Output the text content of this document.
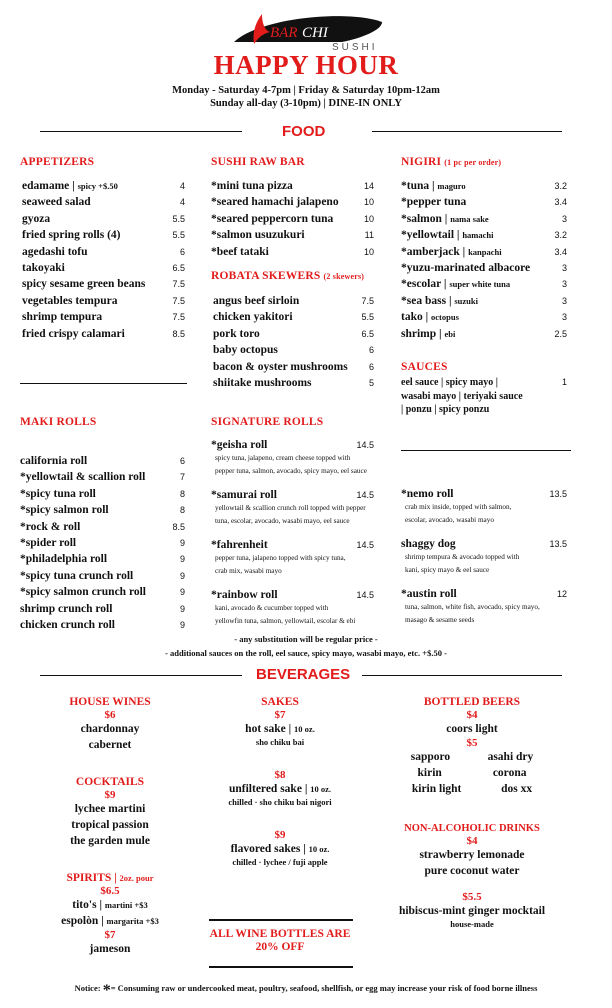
BAR CHI
SUSHI
HAPPY HOUR
Monday - Saturday 4-7pm | Friday & Saturday 10pm-12am
Sunday all-day (3-10pm) | DINE-IN ONLY
FOOD
APPETIZERS
edamame | spicy +$.50	4
seaweed salad	4
gyoza	5.5
fried spring rolls (4)	5.5
agedashi tofu	6
takoyaki	6.5
spicy sesame green beans	7.5
vegetables tempura	7.5
shrimp tempura	7.5
fried crispy calamari	8.5
SUSHI RAW BAR
*mini tuna pizza	14
*seared hamachi jalapeno	10
*seared peppercorn tuna	10
*salmon usuzukuri	11
*beef tataki	10
ROBATA SKEWERS (2 skewers)
angus beef sirloin	7.5
chicken yakitori	5.5
pork toro	6.5
baby octopus	6
bacon & oyster mushrooms 6
shiitake mushrooms	5
NIGIRI (1 pc per order)
*tuna | maguro	3.2
*pepper tuna	3.4
*salmon | nama sake	3
*yellowtail | hamachi	3.2
*amberjack | kanpachi	3.4
*yuzu-marinated albacore	3
*escolar | super white tuna	3
*sea bass | suzuki	3
tako | octopus	3
shrimp | ebi	2.5
SAUCES
eel sauce | spicy mayo |
wasabi mayo | teriyaki sauce
| ponzu | spicy ponzu
1
MAKI ROLLS
california roll	6
*yellowtail & scallion roll	7
*spicy tuna roll	8
*spicy salmon roll	8
*rock & roll	8.5
*spider roll	9
*philadelphia roll	9
*spicy tuna crunch roll	9
*spicy salmon crunch roll	9
shrimp crunch roll	9
chicken crunch roll	9
SIGNATURE ROLLS
*geisha roll	14.5
spicy tuna, jalapeno, cream cheese topped with
pepper tuna, salmon, avocado, spicy mayo, eel sauce
*samurai roll	14.5
yellowtail & scallion crunch roll topped with pepper
tuna, escolar, avocado, wasabi mayo, eel sauce
*fahrenheit	14.5
pepper tuna, jalapeno topped with spicy tuna,
crab mix, wasabi mayo
*rainbow roll	14.5
kani, avocado & cucumber topped with
yellowfin tuna, salmon, yellowtail, escolar & ebi
*nemo roll	13.5
crab mix inside, topped with salmon,
escolar, avocado, wasabi mayo
shaggy dog	13.5
shrimp tempura & avocado topped with
kani, spicy mayo & eel sauce
*austin roll	12
tuna, salmon, white fish, avocado, spicy mayo,
masago & sesame seeds
- any substitution will be regular price -
- additional sauces on the roll, eel sauce, spicy mayo, wasabi mayo, etc. +$.50 -
BEVERAGES
HOUSE WINES
$6
chardonnay
cabernet
COCKTAILS
$9
lychee martini
tropical passion
the garden mule
SPIRITS | 2oz. pour
$6.5
tito's | martini +$3
espolòn | margarita +$3
$7
jameson
SAKES
$7
hot sake | 10 oz.
sho chiku bai
$8
unfiltered sake | 10 oz.
chilled · sho chiku bai nigori
$9
flavored sakes | 10 oz.
chilled · lychee / fuji apple
ALL WINE BOTTLES ARE
20% OFF
BOTTLED BEERS
$4
coors light
$5
sapporo	asahi dry
kirin	corona
kirin light	dos xx
NON-ALCOHOLIC DRINKS
$4
strawberry lemonade
pure coconut water
$5.5
hibiscus-mint ginger mocktail
house-made
Notice: *= Consuming raw or undercooked meat, poultry, seafood, shellfish, or egg may increase your risk of food borne illness
